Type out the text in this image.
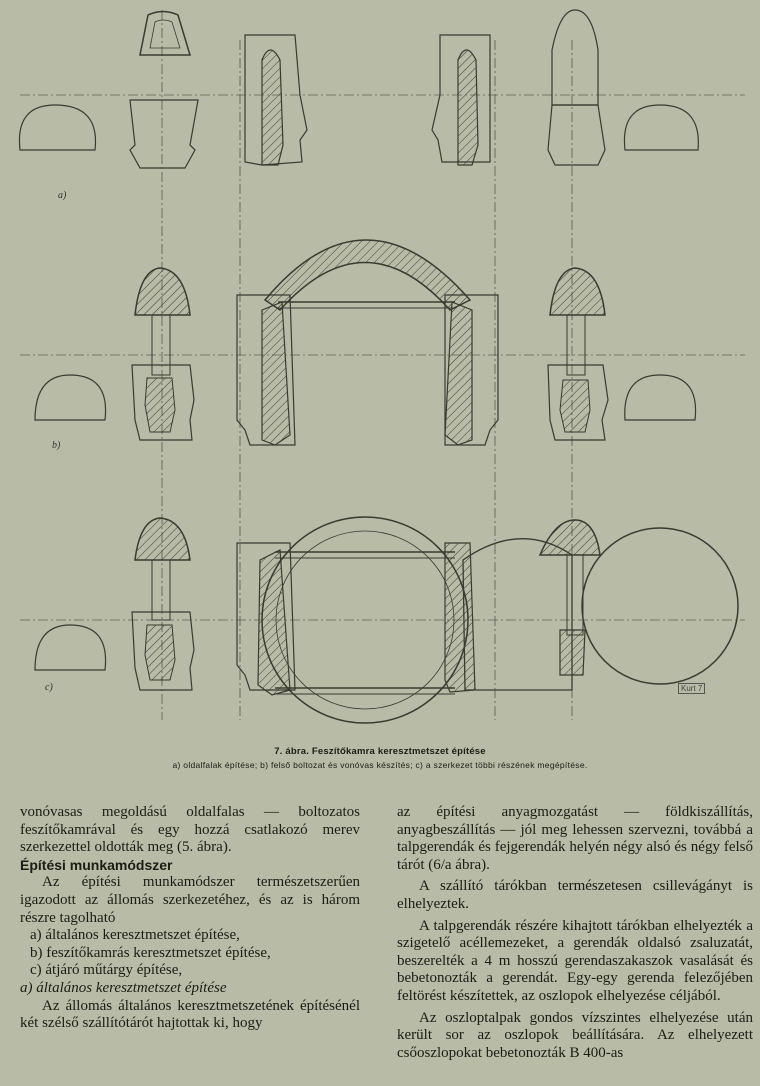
a)
b)
c)	Kurt 7
7. ábra. Feszítőkamra keresztmetszet építése
a) oldalfalak építése; b) felső boltozat és vonóvas készítés; c) a szerkezet többi részének megépítése.

vonóvasas megoldású oldalfalas — boltozatos feszítőkamrával és egy hozzá csatlakozó merev szerkezettel oldották meg (5. ábra).

Építési munkamódszer

Az építési munkamódszer természetszerűen igazodott az állomás szerkezetéhez, és az is három részre tagolható

a) általános keresztmetszet építése,

b) feszítőkamrás keresztmetszet építése,

c) átjáró műtárgy építése,

a) általános keresztmetszet építése

Az állomás általános keresztmetszetének építésénél két szélső szállítótárót hajtottak ki, hogy

az építési anyagmozgatást — földkiszállítás, anyagbeszállítás — jól meg lehessen szervezni, továbbá a talpgerendák és fejgerendák helyén négy alsó és négy felső tárót (6/a ábra).

A szállító tárókban természetesen csillevágányt is elhelyeztek.

A talpgerendák részére kihajtott tárókban elhelyezték a szigetelő acéllemezeket, a gerendák oldalsó zsaluzatát, beszerelték a 4 m hosszú gerendaszakaszok vasalását és bebetonozták a gerendát. Egy-egy gerenda felezőjében feltörést készítettek, az oszlopok elhelyezése céljából.

Az oszloptalpak gondos vízszintes elhelyezése után került sor az oszlopok beállítására. Az elhelyezett csőoszlopokat bebetonozták B 400-as
